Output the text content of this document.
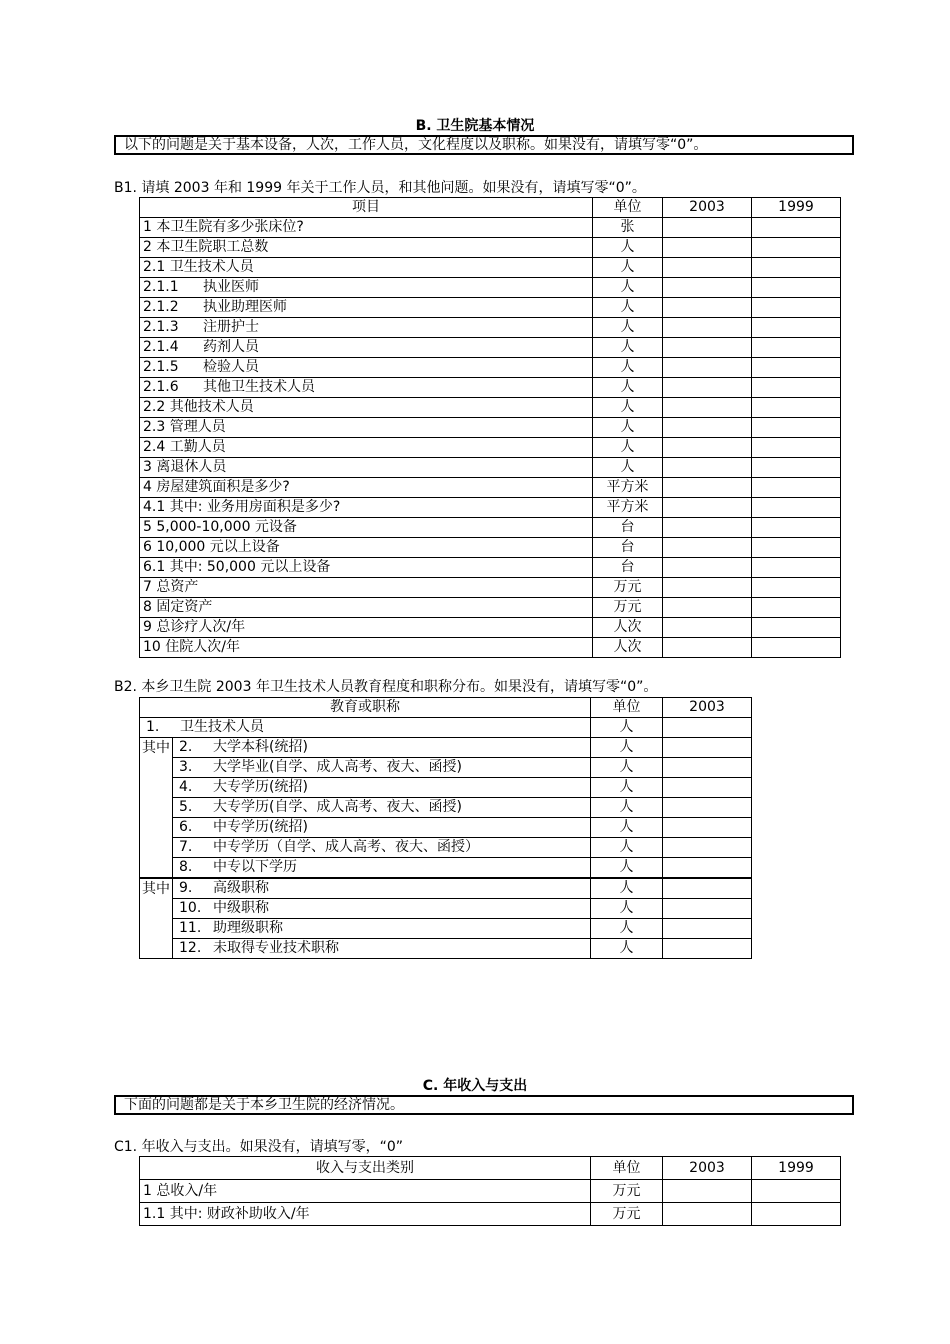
B. 卫生院基本情况
以下的问题是关于基本设备，人次，工作人员，文化程度以及职称。如果没有，请填写零“0”。
B1. 请填 2003 年和 1999 年关于工作人员，和其他问题。如果没有，请填写零“0”。
项目	单位	2003	1999
1 本卫生院有多少张床位?	张		
2 本卫生院职工总数	人		
2.1 卫生技术人员	人		
2.1.1 执业医师	人		
2.1.2 执业助理医师	人		
2.1.3 注册护士	人		
2.1.4 药剂人员	人		
2.1.5 检验人员	人		
2.1.6 其他卫生技术人员	人		
2.2 其他技术人员	人		
2.3 管理人员	人		
2.4 工勤人员	人		
3 离退休人员	人		
4 房屋建筑面积是多少?	平方米		
4.1 其中: 业务用房面积是多少?	平方米		
5 5,000-10,000 元设备	台		
6 10,000 元以上设备	台		
6.1 其中: 50,000 元以上设备	台		
7 总资产	万元		
8 固定资产	万元		
9 总诊疗人次/年	人次		
10 住院人次/年	人次		
B2. 本乡卫生院 2003 年卫生技术人员教育程度和职称分布。如果没有，请填写零“0”。
教育或职称		单位	2003
1. 卫生技术人员		人	
其中	2. 大学本科(统招)	人	
	3. 大学毕业(自学、成人高考、夜大、函授)	人	
	4. 大专学历(统招)	人	
	5. 大专学历(自学、成人高考、夜大、函授)	人	
	6. 中专学历(统招)	人	
	7. 中专学历（自学、成人高考、夜大、函授）	人	
	8. 中专以下学历	人	
其中	9. 高级职称	人	
	10. 中级职称	人	
	11. 助理级职称	人	
	12. 未取得专业技术职称	人	
C. 年收入与支出
下面的问题都是关于本乡卫生院的经济情况。
C1. 年收入与支出。如果没有，请填写零，“0”
收入与支出类别	单位	2003	1999
1 总收入/年	万元		
1.1 其中: 财政补助收入/年	万元		
